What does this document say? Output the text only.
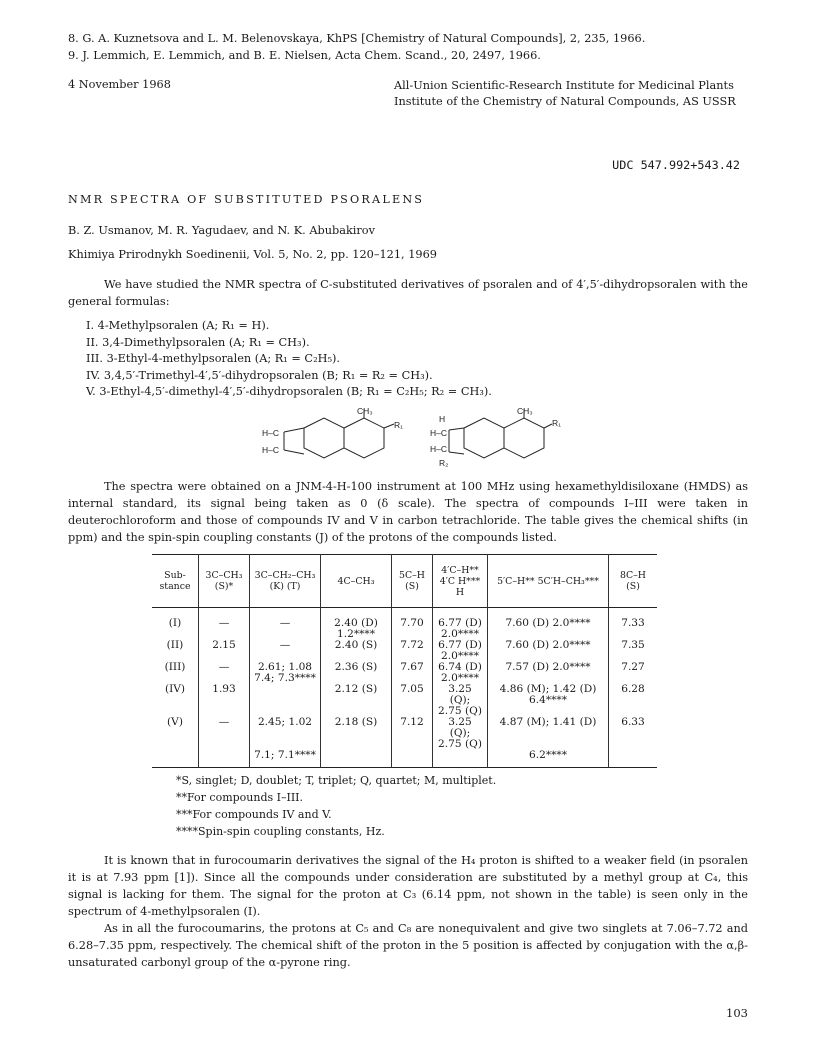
8. G. A. Kuznetsova and L. M. Belenovskaya, KhPS [Chemistry of Natural Compounds], 2, 235, 1966.
9. J. Lemmich, E. Lemmich, and B. E. Nielsen, Acta Chem. Scand., 20, 2497, 1966.
4 November 1968	All-Union Scientific-Research Institute for Medicinal Plants
Institute of the Chemistry of Natural Compounds, AS USSR
UDC 547.992+543.42
NMR SPECTRA OF SUBSTITUTED PSORALENS
B. Z. Usmanov, M. R. Yagudaev, and N. K. Abubakirov
Khimiya Prirodnykh Soedinenii, Vol. 5, No. 2, pp. 120–121, 1969
We have studied the NMR spectra of C-substituted derivatives of psoralen and of 4′,5′-dihydropsoralen with the general formulas:
I. 4-Methylpsoralen (A; R₁ = H).
II. 3,4-Dimethylpsoralen (A; R₁ = CH₃).
III. 3-Ethyl-4-methylpsoralen (A; R₁ = C₂H₅).
IV. 3,4,5′-Trimethyl-4′,5′-dihydropsoralen (B; R₁ = R₂ = CH₃).
V. 3-Ethyl-4,5′-dimethyl-4′,5′-dihydropsoralen (B; R₁ = C₂H₅; R₂ = CH₃).
CH₃
R₁
H–C
H–C
CH₃
R₁
H
H–C
H–C
R₂
The spectra were obtained on a JNM-4-H-100 instrument at 100 MHz using hexamethyldisiloxane (HMDS) as internal standard, its signal being taken as 0 (δ scale). The spectra of compounds I–III were taken in deuterochloroform and those of compounds IV and V in carbon tetrachloride. The table gives the chemical shifts (in ppm) and the spin-spin coupling constants (J) of the protons of the compounds listed.
Sub-stance	3C–CH₃ (S)*	3C–CH₂–CH₃ (K) (T)	4C–CH₃	5C–H (S)	4′C–H** 4′C H*** H	5′C–H** 5C′H–CH₃***	8C–H (S)
(I)	—	—	2.40 (D) 1.2****	7.70	6.77 (D) 2.0****	7.60 (D) 2.0****	7.33
(II)	2.15	—	2.40 (S)	7.72	6.77 (D) 2.0****	7.60 (D) 2.0****	7.35
(III)	—	2.61; 1.08 7.4; 7.3****	2.36 (S)	7.67	6.74 (D) 2.0****	7.57 (D) 2.0****	7.27
(IV)	1.93		2.12 (S)	7.05	3.25 (Q); 2.75 (Q)	4.86 (M); 1.42 (D) 6.4****	6.28
(V)	—	2.45; 1.02	2.18 (S)	7.12	3.25 (Q); 2.75 (Q)	4.87 (M); 1.41 (D)	6.33
		7.1; 7.1****				6.2****	
*S, singlet; D, doublet; T, triplet; Q, quartet; M, multiplet.
**For compounds I–III.
***For compounds IV and V.
****Spin-spin coupling constants, Hz.
It is known that in furocoumarin derivatives the signal of the H₄ proton is shifted to a weaker field (in psoralen it is at 7.93 ppm [1]). Since all the compounds under consideration are substituted by a methyl group at C₄, this signal is lacking for them. The signal for the proton at C₃ (6.14 ppm, not shown in the table) is seen only in the spectrum of 4-methylpsoralen (I).
As in all the furocoumarins, the protons at C₅ and C₈ are nonequivalent and give two singlets at 7.06–7.72 and 6.28–7.35 ppm, respectively. The chemical shift of the proton in the 5 position is affected by conjugation with the α,β-unsaturated carbonyl group of the α-pyrone ring.
103
